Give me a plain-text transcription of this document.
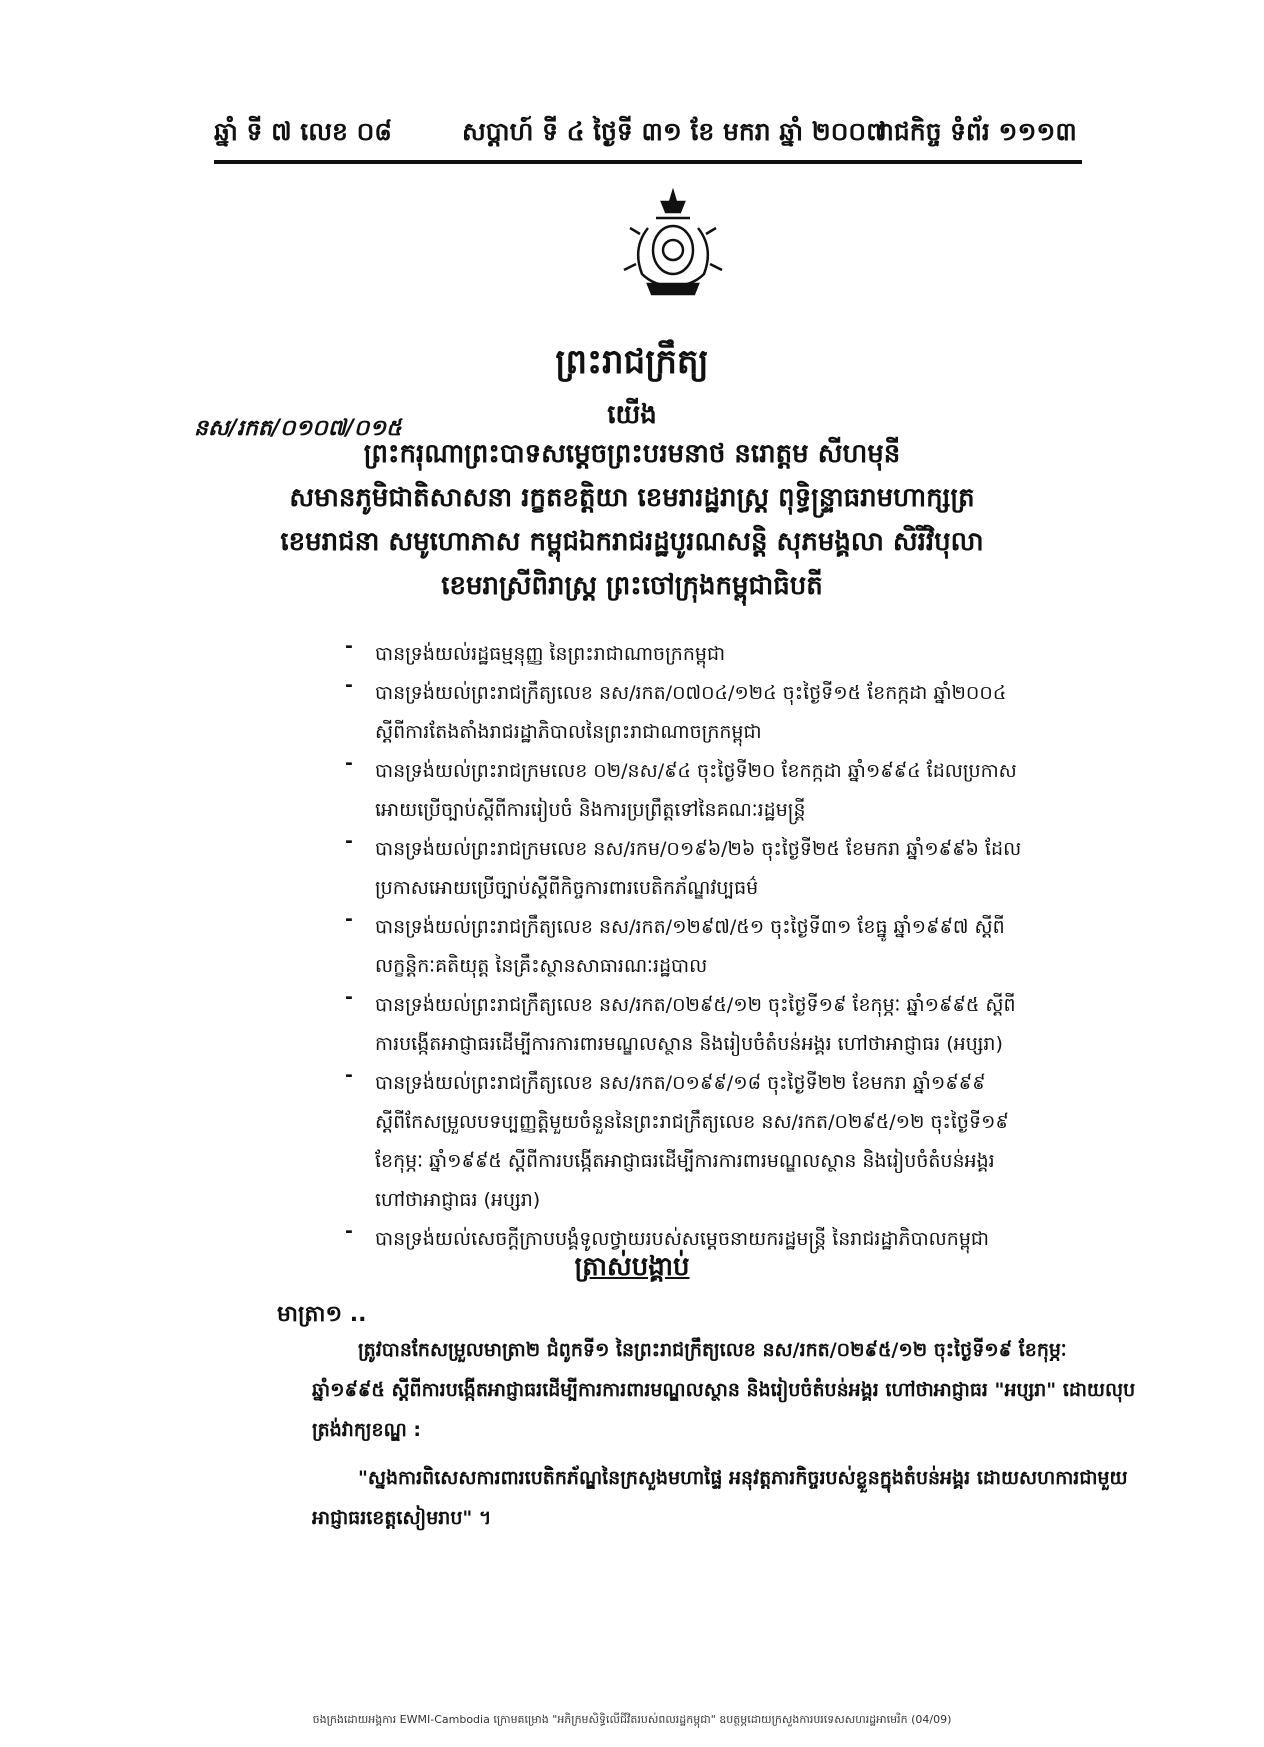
ឆ្នាំ ទី ៧ លេខ ០៨	សប្តាហ៍ ទី ៤ ថ្ងៃទី ៣១ ខែ មករា ឆ្នាំ ២០០៧
រាជកិច្ច ទំព័រ ១១១៣
ព្រះរាជក្រឹត្យ
នស/រកត/០១០៧/០១៥	យើង
ព្រះករុណាព្រះបាទសម្តេចព្រះបរមនាថ នរោត្តម សីហមុនី
សមានភូមិជាតិសាសនា រក្ខតខត្តិយា ខេមរារដ្ឋរាស្ត្រ ពុទ្ធិន្ទ្រាធរាមហាក្សត្រ
ខេមរាជនា សមូហោភាស កម្ពុជឯករាជរដ្ឋបូរណសន្តិ សុភមង្គលា សិរីវិបុលា
ខេមរាស្រីពិរាស្ត្រ ព្រះចៅក្រុងកម្ពុជាធិបតី
-	បានទ្រង់យល់រដ្ឋធម្មនុញ្ញ នៃព្រះរាជាណាចក្រកម្ពុជា
-	បានទ្រង់យល់ព្រះរាជក្រឹត្យលេខ នស/រកត/០៧០៤/១២៤ ចុះថ្ងៃទី១៥ ខែកក្កដា ឆ្នាំ២០០៤ ស្តីពីការតែងតាំងរាជរដ្ឋាភិបាលនៃព្រះរាជាណាចក្រកម្ពុជា
-	បានទ្រង់យល់ព្រះរាជក្រមលេខ ០២/នស/៩៤ ចុះថ្ងៃទី២០ ខែកក្កដា ឆ្នាំ១៩៩៤ ដែលប្រកាសអោយប្រើច្បាប់ស្តីពីការរៀបចំ និងការប្រព្រឹត្តទៅនៃគណៈរដ្ឋមន្ត្រី
-	បានទ្រង់យល់ព្រះរាជក្រមលេខ នស/រកម/០១៩៦/២៦ ចុះថ្ងៃទី២៥ ខែមករា ឆ្នាំ១៩៩៦ ដែលប្រកាសអោយប្រើច្បាប់ស្តីពីកិច្ចការពារបេតិកភ័ណ្ឌវប្បធម៌
-	បានទ្រង់យល់ព្រះរាជក្រឹត្យលេខ នស/រកត/១២៩៧/៥១ ចុះថ្ងៃទី៣១ ខែធ្នូ ឆ្នាំ១៩៩៧ ស្តីពីលក្ខន្តិកៈគតិយុត្ត នៃគ្រឹះស្ថានសាធារណៈរដ្ឋបាល
-	បានទ្រង់យល់ព្រះរាជក្រឹត្យលេខ នស/រកត/០២៩៥/១២ ចុះថ្ងៃទី១៩ ខែកុម្ភៈ ឆ្នាំ១៩៩៥ ស្តីពីការបង្កើតអាជ្ញាធរដើម្បីការការពារមណ្ឌលស្ថាន និងរៀបចំតំបន់អង្គរ ហៅថាអាជ្ញាធរ (អប្សរា)
-	បានទ្រង់យល់ព្រះរាជក្រឹត្យលេខ នស/រកត/០១៩៩/១៨ ចុះថ្ងៃទី២២ ខែមករា ឆ្នាំ១៩៩៩ ស្តីពីកែសម្រួលបទប្បញ្ញត្តិមួយចំនួននៃព្រះរាជក្រឹត្យលេខ នស/រកត/០២៩៥/១២ ចុះថ្ងៃទី១៩ ខែកុម្ភៈ ឆ្នាំ១៩៩៥ ស្តីពីការបង្កើតអាជ្ញាធរដើម្បីការការពារមណ្ឌលស្ថាន និងរៀបចំតំបន់អង្គរ ហៅថាអាជ្ញាធរ (អប្សរា)
-	បានទ្រង់យល់សេចក្តីក្រាបបង្គំទូលថ្វាយរបស់សម្តេចនាយករដ្ឋមន្ត្រី នៃរាជរដ្ឋាភិបាលកម្ពុជា
ត្រាស់បង្គាប់
មាត្រា១ ..
ត្រូវបានកែសម្រួលមាត្រា២ ជំពូកទី១ នៃព្រះរាជក្រឹត្យលេខ នស/រកត/០២៩៥/១២ ចុះថ្ងៃទី១៩ ខែកុម្ភៈ ឆ្នាំ១៩៩៥ ស្តីពីការបង្កើតអាជ្ញាធរដើម្បីការការពារមណ្ឌលស្ថាន និងរៀបចំតំបន់អង្គរ ហៅថាអាជ្ញាធរ "អប្សរា" ដោយលុបត្រង់វាក្យខណ្ឌ :
"ស្នងការពិសេសការពារបេតិកភ័ណ្ឌនៃក្រសួងមហាផ្ទៃ អនុវត្តភារកិច្ចរបស់ខ្លួនក្នុងតំបន់អង្គរ ដោយសហការជាមួយអាជ្ញាធរខេត្តសៀមរាប" ។
ចងក្រងដោយអង្គការ EWMI-Cambodia ក្រោមគម្រោង "អភិក្រមសិទ្ធិលើជីវិតរបស់ពលរដ្ឋកម្ពុជា" ឧបត្ថម្ភដោយក្រសួងការបរទេសសហរដ្ឋអាមេរិក (04/09)
